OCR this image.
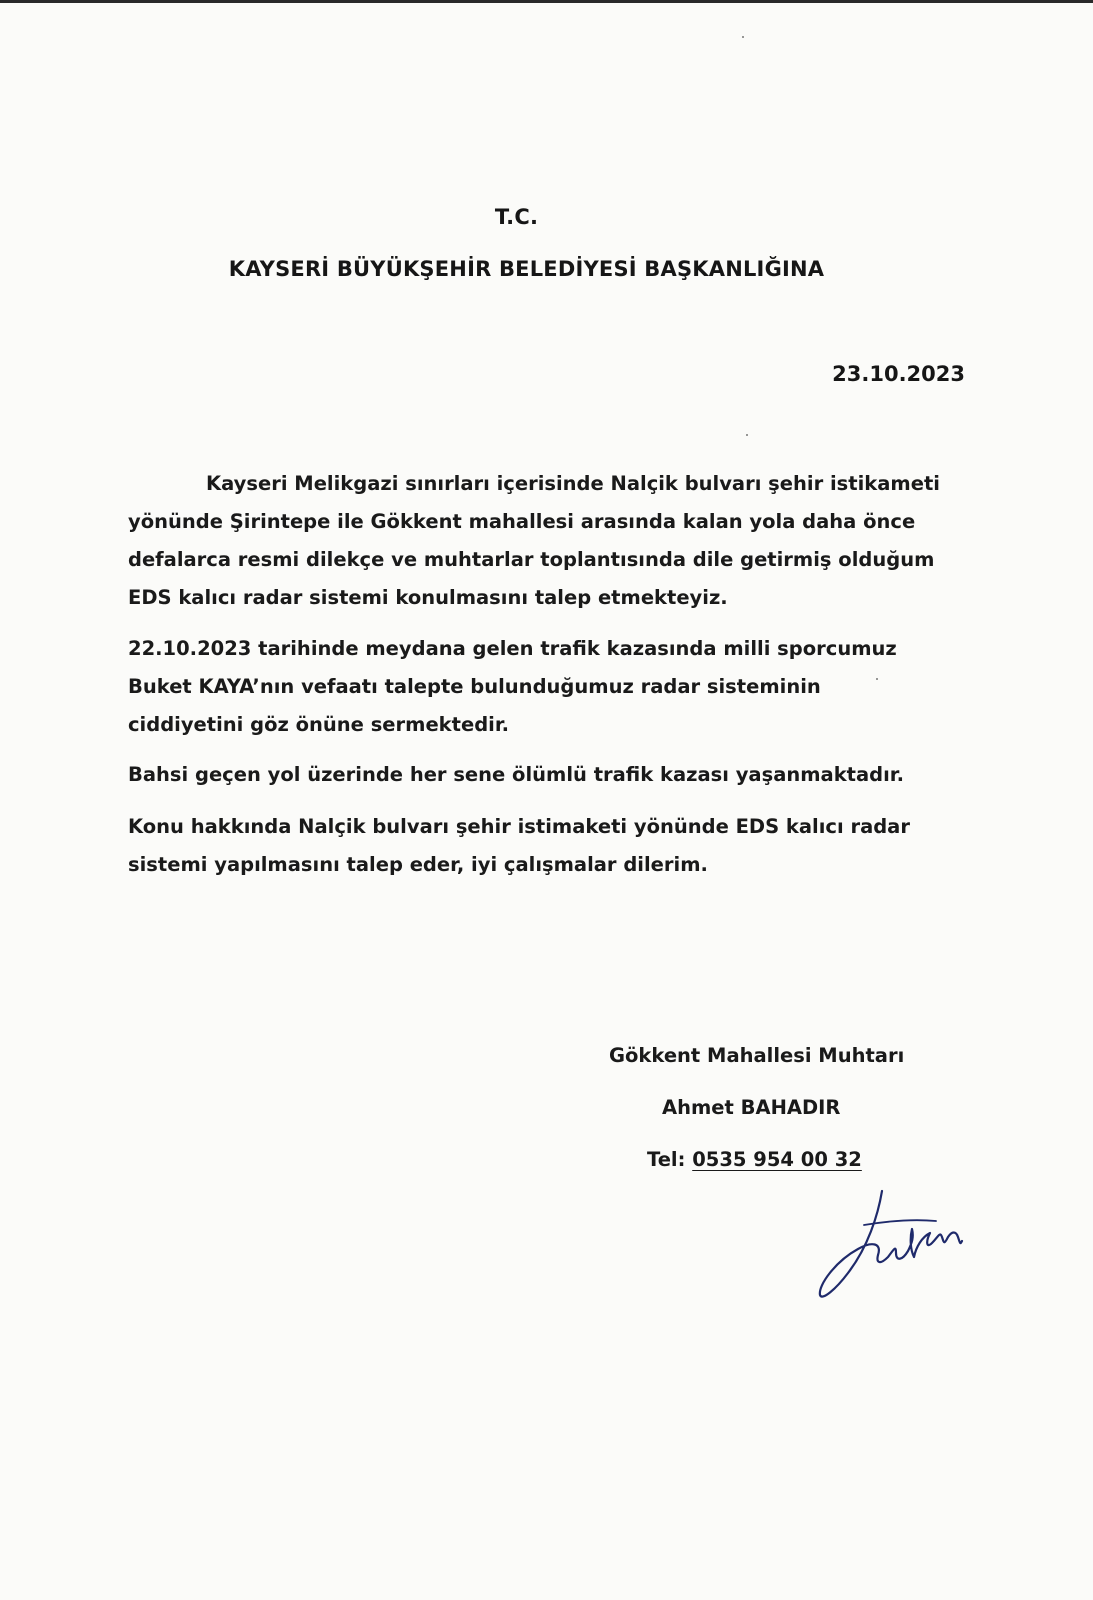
T.C.
KAYSERİ BÜYÜKŞEHİR BELEDİYESİ BAŞKANLIĞINA
23.10.2023
Kayseri Melikgazi sınırları içerisinde Nalçik bulvarı şehir istikameti
yönünde Şirintepe ile Gökkent mahallesi arasında kalan yola daha önce
defalarca resmi dilekçe ve muhtarlar toplantısında dile getirmiş olduğum
EDS kalıcı radar sistemi konulmasını talep etmekteyiz.
22.10.2023 tarihinde meydana gelen trafik kazasında milli sporcumuz
Buket KAYA’nın vefaatı talepte bulunduğumuz radar sisteminin
ciddiyetini göz önüne sermektedir.
Bahsi geçen yol üzerinde her sene ölümlü trafik kazası yaşanmaktadır.
Konu hakkında Nalçik bulvarı şehir istimaketi yönünde EDS kalıcı radar
sistemi yapılmasını talep eder, iyi çalışmalar dilerim.
Gökkent Mahallesi Muhtarı
Ahmet BAHADIR
Tel: 0535 954 00 32
